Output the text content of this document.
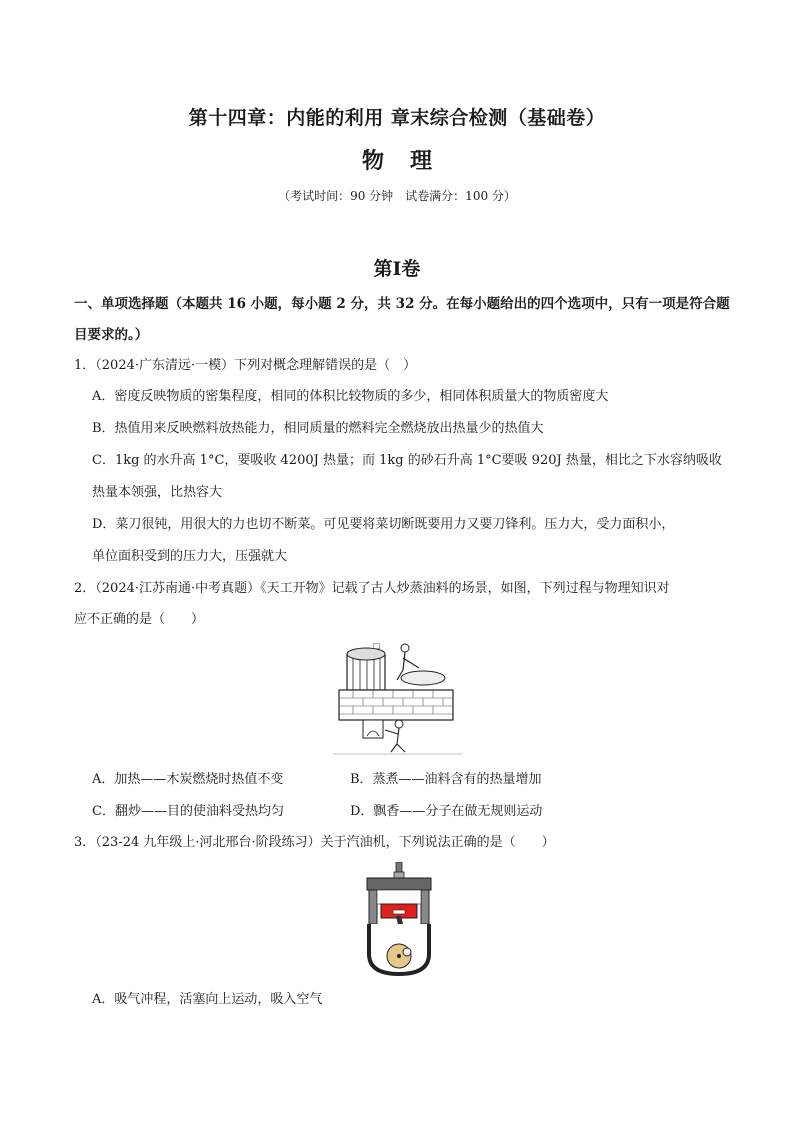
第十四章：内能的利用 章末综合检测（基础卷）
物理
（考试时间：90 分钟　试卷满分：100 分）
第Ⅰ卷
一、单项选择题（本题共 16 小题，每小题 2 分，共 32 分。在每小题给出的四个选项中，只有一项是符合题目要求的。）
1．（2024·广东清远·一模）下列对概念理解错误的是（　）
A．密度反映物质的密集程度，相同的体积比较物质的多少，相同体积质量大的物质密度大
B．热值用来反映燃料放热能力，相同质量的燃料完全燃烧放出热量少的热值大
C．1kg 的水升高 1°C，要吸收 4200J 热量；而 1kg 的砂石升高 1°C要吸 920J 热量，相比之下水容纳吸收
热量本领强，比热容大
D．菜刀很钝，用很大的力也切不断菜。可见要将菜切断既要用力又要刀锋利。压力大，受力面积小，
单位面积受到的压力大，压强就大
2．（2024·江苏南通·中考真题）《天工开物》记载了古人炒蒸油料的场景，如图，下列过程与物理知识对
应不正确的是（　　）
☐
A．加热——木炭燃烧时热值不变	B．蒸煮——油料含有的热量增加
C．翻炒——目的使油料受热均匀	D．飘香——分子在做无规则运动
3．（23-24 九年级上·河北邢台·阶段练习）关于汽油机，下列说法正确的是（　　）
A．吸气冲程，活塞向上运动，吸入空气
